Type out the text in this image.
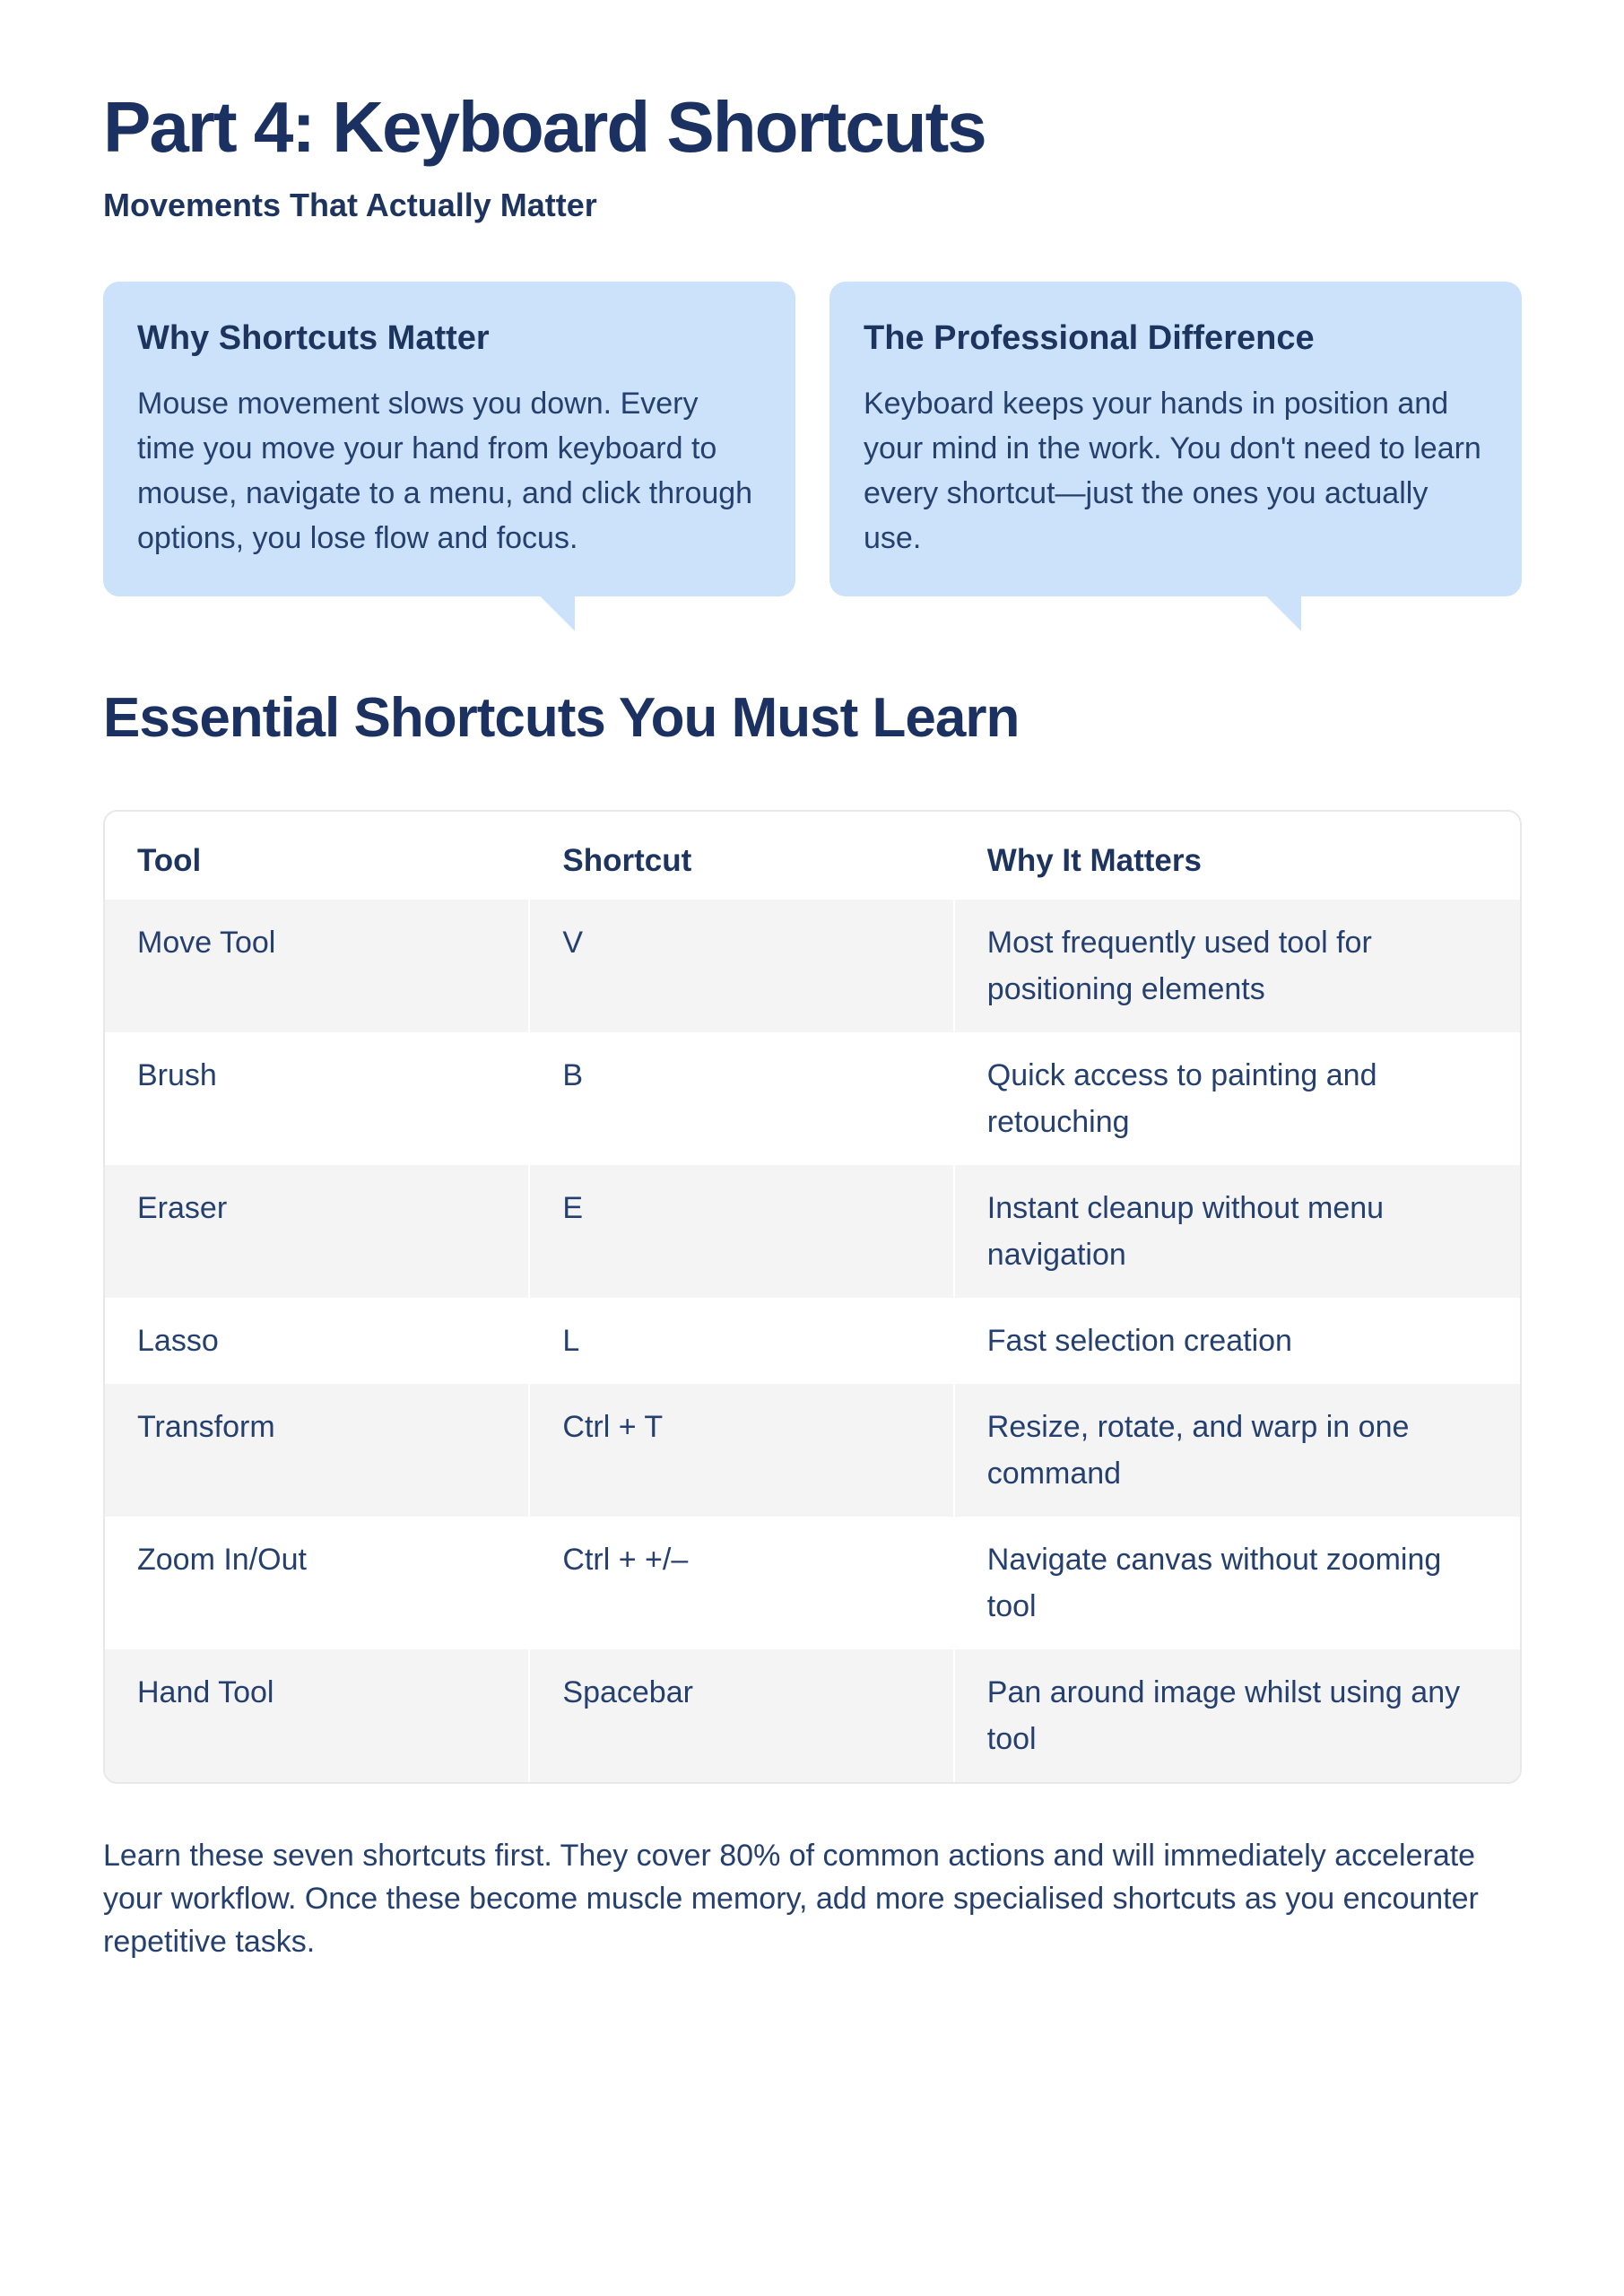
Part 4: Keyboard Shortcuts

Movements That Actually Matter

Why Shortcuts Matter

Mouse movement slows you down. Every time you move your hand from keyboard to mouse, navigate to a menu, and click through options, you lose flow and focus.

The Professional Difference

Keyboard keeps your hands in position and your mind in the work. You don't need to learn every shortcut—just the ones you actually use.

Essential Shortcuts You Must Learn
Tool	Shortcut	Why It Matters
Move Tool	V	Most frequently used tool for positioning elements
Brush	B	Quick access to painting and retouching
Eraser	E	Instant cleanup without menu navigation
Lasso	L	Fast selection creation
Transform	Ctrl + T	Resize, rotate, and warp in one command
Zoom In/Out	Ctrl + +/–	Navigate canvas without zooming tool
Hand Tool	Spacebar	Pan around image whilst using any tool

Learn these seven shortcuts first. They cover 80% of common actions and will immediately accelerate your workflow. Once these become muscle memory, add more specialised shortcuts as you encounter repetitive tasks.
